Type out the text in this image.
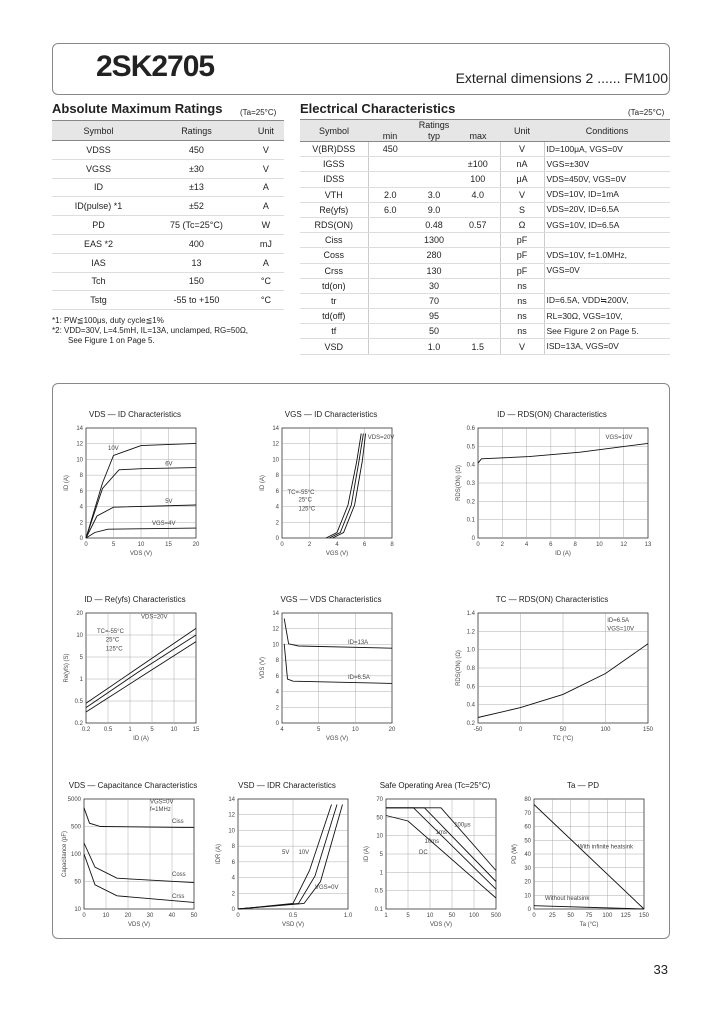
2SK2705	External dimensions 2 ...... FM100
Absolute Maximum Ratings (Ta=25°C)
Symbol	Ratings	Unit
VDSS	450	V
VGSS	±30	V
ID	±13	A
ID(pulse) *1	±52	A
PD	75 (Tc=25°C)	W
EAS *2	400	mJ
IAS	13	A
Tch	150	°C
Tstg	-55 to +150	°C
*1: PW≦100μs, duty cycle≦1%
*2: VDD=30V, L=4.5mH, IL=13A, unclamped, RG=50Ω,
See Figure 1 on Page 5.
Electrical Characteristics	(Ta=25°C)
Symbol	Ratings			Unit	Conditions
	min	typ	max		
V(BR)DSS	450			V	ID=100μA, VGS=0V
IGSS			±100	nA	VGS=±30V
IDSS			100	μA	VDS=450V, VGS=0V
VTH	2.0	3.0	4.0	V	VDS=10V, ID=1mA
Re(yfs)	6.0	9.0		S	VDS=20V, ID=6.5A
RDS(ON)		0.48	0.57	Ω	VGS=10V, ID=6.5A
Ciss		1300		pF	
Coss		280		pF	VDS=10V, f=1.0MHz,
Crss		130		pF	VGS=0V
td(on)		30		ns	
tr		70		ns	ID=6.5A, VDD≒200V,
td(off)		95		ns	RL=30Ω, VGS=10V,
tf		50		ns	See Figure 2 on Page 5.
VSD		1.0	1.5	V	ISD=13A, VGS=0V
VDS — ID Characteristics
0	5	10	15	20
0
2
4
6
8
10
12
14
VDS (V)
ID (A)
VGS=4V
10V
6V
5V
VGS — ID Characteristics
0	2	4	6	8
0
2
4
6
8
10
12
14
VGS (V)
ID (A)
VDS=20V
TC=-55°C
25°C
125°C
ID — RDS(ON) Characteristics
0	2	4	6	8	10	12	13
0
0.1
0.2
0.3
0.4
0.5
0.6
ID (A)
RDS(ON) (Ω)
VGS=10V
ID — Re(yfs) Characteristics
0.2 0.5	1	5	10	15
0.2
0.5
1
5
10
20
ID (A)
Re(yfs) (S)
VDS=20V
TC=-55°C
25°C
125°C
VGS — VDS Characteristics
4	5	10	20
0
2
4
6
8
10
12
14
VGS (V)
VDS (V)
ID=13A
ID=6.5A
TC — RDS(ON) Characteristics
-50	0	50	100	150
0.2
0.4
0.6
0.8
1.0
1.2
1.4
TC (°C)
RDS(ON) (Ω)
ID=6.5A
VGS=10V
VDS — Capacitance Characteristics
0	10	20	30	40	50
10
50
100
500
5000
VDS (V)
Capacitance (pF)
VGS=0V
f=1MHz
Ciss
Coss
Crss
VSD — IDR Characteristics
0	0.5	1.0
0
2
4
6
8
10
12
14
VSD (V)
IDR (A)	5V 10V
VGS=0V
Safe Operating Area (Tc=25°C)
1	5	10	50 100 500
0.1
0.5
1
5
10
50
70
VDS (V)
ID (A)
100μs
1ms
10ms
DC
Ta — PD
0 25 50 75 100 125 150
0
10
20
30
40
50
60
70
80
Ta (°C)
PD (W)	With infinite heatsink
Without heatsink
33
